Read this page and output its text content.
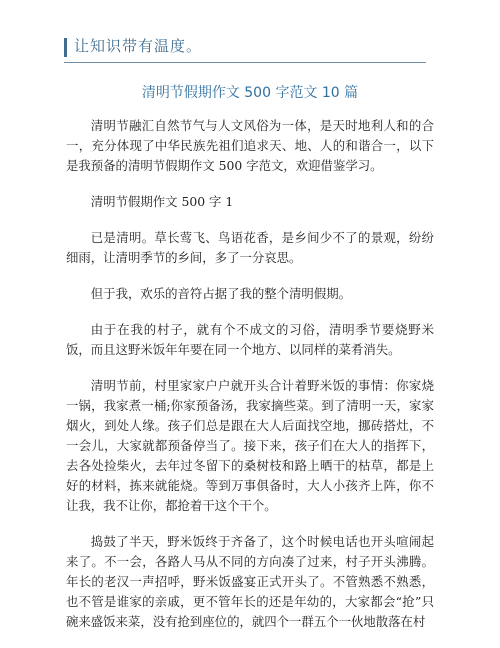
让知识带有温度。
清明节假期作文 500 字范文 10 篇

清明节融汇自然节气与人文风俗为一体，是天时地利人和的合一，充分体现了中华民族先祖们追求天、地、人的和谐合一，以下是我预备的清明节假期作文 500 字范文，欢迎借鉴学习。

清明节假期作文 500 字 1

已是清明。草长莺飞、鸟语花香，是乡间少不了的景观，纷纷细雨，让清明季节的乡间，多了一分哀思。

但于我，欢乐的音符占据了我的整个清明假期。

由于在我的村子，就有个不成文的习俗，清明季节要烧野米饭，而且这野米饭年年要在同一个地方、以同样的菜肴消失。

清明节前，村里家家户户就开头合计着野米饭的事情：你家烧一锅，我家煮一桶;你家预备汤，我家摘些菜。到了清明一天，家家烟火，到处人缘。孩子们总是跟在大人后面找空地，挪砖搭灶，不一会儿，大家就都预备停当了。接下来，孩子们在大人的指挥下，去各处捡柴火，去年过冬留下的桑树枝和路上晒干的枯草，都是上好的材料，拣来就能烧。等到万事俱备时，大人小孩齐上阵，你不让我，我不让你，都抢着干这个干个。

捣鼓了半天，野米饭终于齐备了，这个时候电话也开头喧闹起来了。不一会，各路人马从不同的方向凑了过来，村子开头沸腾。年长的老汉一声招呼，野米饭盛宴正式开头了。不管熟悉不熟悉，也不管是谁家的亲戚，更不管年长的还是年幼的，大家都会“抢”只碗来盛饭来菜，没有抢到座位的，就四个一群五个一伙地散落在村
